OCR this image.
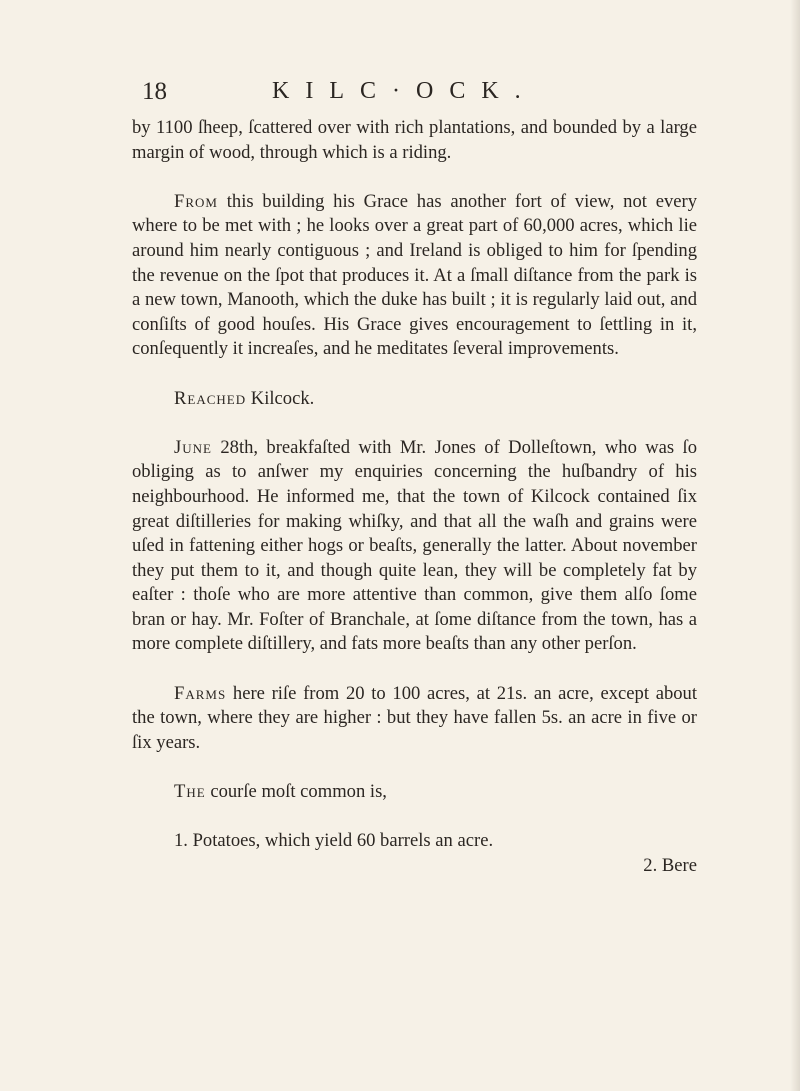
18	KILC·OCK.

by 1100 ſheep, ſcattered over with rich plantations, and bounded by a large margin of wood, through which is a riding.

From this building his Grace has another fort of view, not every where to be met with ; he looks over a great part of 60,000 acres, which lie around him nearly contiguous ; and Ireland is obliged to him for ſpending the revenue on the ſpot that produces it. At a ſmall diſtance from the park is a new town, Manooth, which the duke has built ; it is regularly laid out, and conſiſts of good houſes. His Grace gives encouragement to ſettling in it, conſequently it increaſes, and he meditates ſeveral improvements.

Reached Kilcock.

June 28th, breakfaſted with Mr. Jones of Dolleſtown, who was ſo obliging as to anſwer my enquiries concerning the huſbandry of his neighbourhood. He informed me, that the town of Kilcock contained ſix great diſtilleries for making whiſky, and that all the waſh and grains were uſed in fattening either hogs or beaſts, generally the latter. About november they put them to it, and though quite lean, they will be completely fat by eaſter : thoſe who are more attentive than common, give them alſo ſome bran or hay. Mr. Foſter of Branchale, at ſome diſtance from the town, has a more complete diſtillery, and fats more beaſts than any other perſon.

Farms here riſe from 20 to 100 acres, at 21s. an acre, except about the town, where they are higher : but they have fallen 5s. an acre in five or ſix years.

The courſe moſt common is,

1. Potatoes, which yield 60 barrels an acre.

2. Bere
